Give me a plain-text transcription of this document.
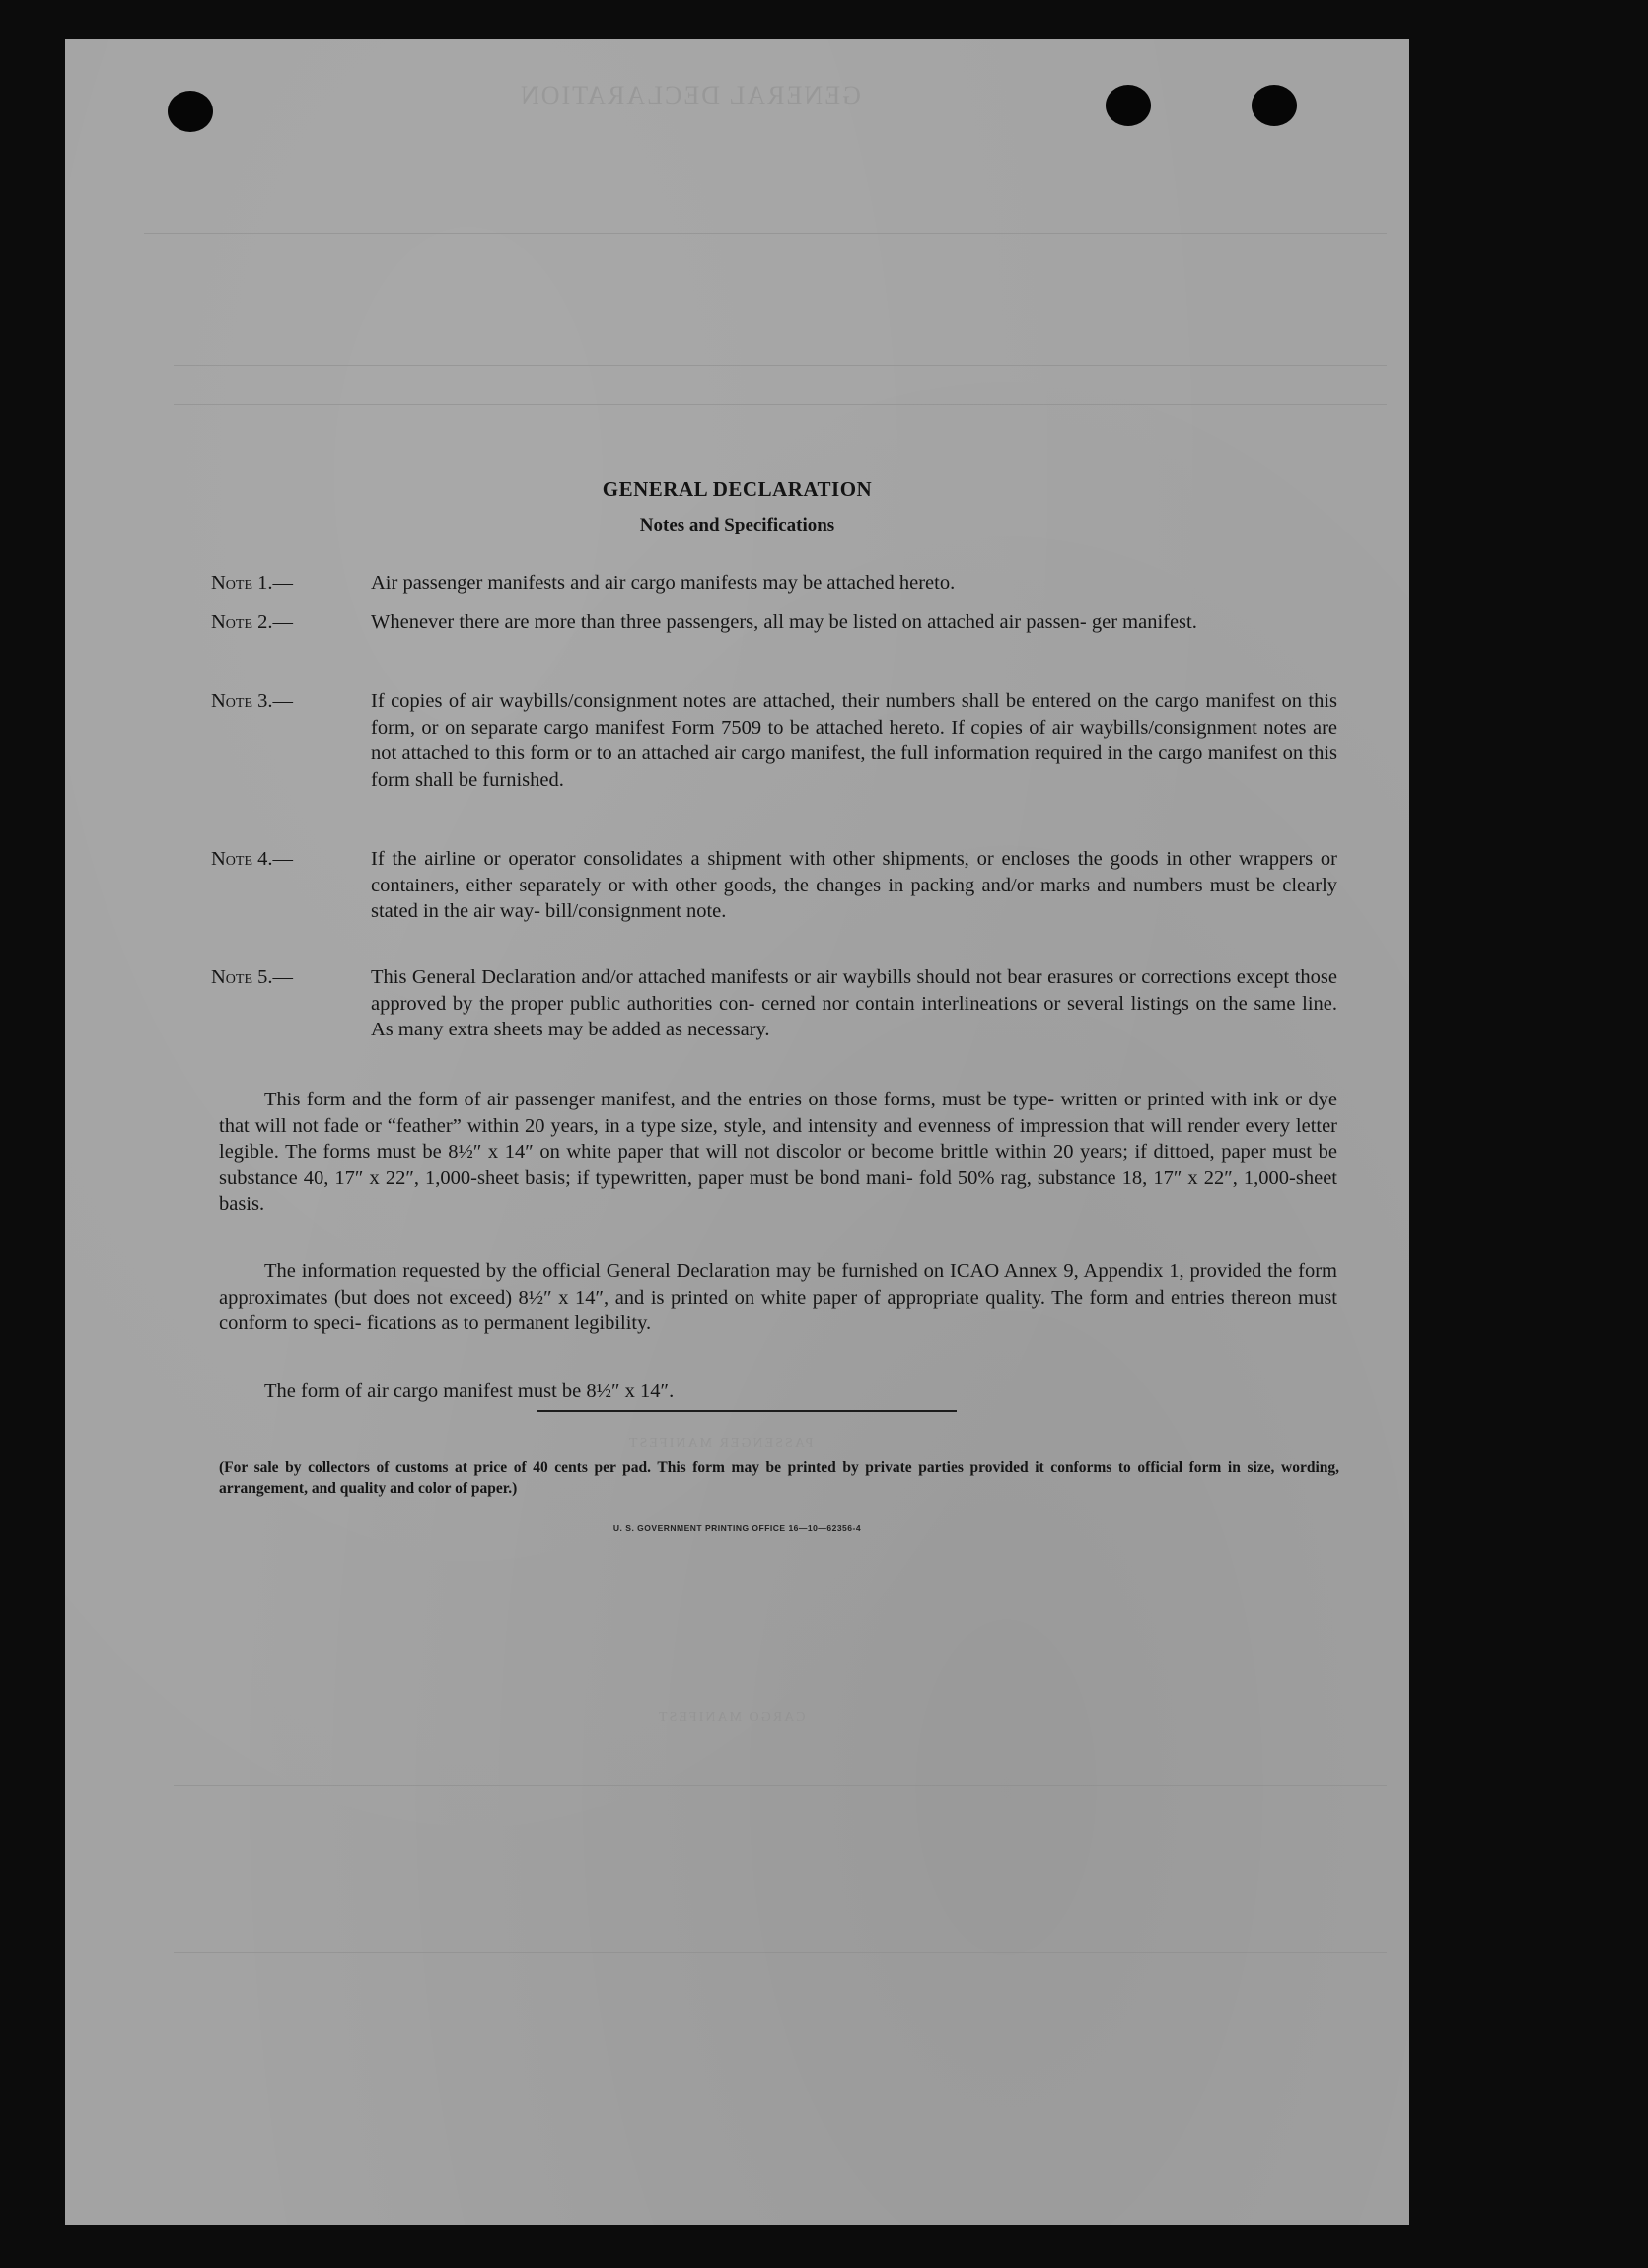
GENERAL DECLARATION
PASSENGER MANIFEST
CARGO MANIFEST
GENERAL DECLARATION
Notes and Specifications
Note 1.—	Air passenger manifests and air cargo manifests may be attached hereto.
Note 2.—	Whenever there are more than three passengers, all may be listed on attached air passen- ger manifest.
Note 3.—	If copies of air waybills/consignment notes are attached, their numbers shall be entered on the cargo manifest on this form, or on separate cargo manifest Form 7509 to be attached hereto. If copies of air waybills/consignment notes are not attached to this form or to an attached air cargo manifest, the full information required in the cargo manifest on this form shall be furnished.
Note 4.—	If the airline or operator consolidates a shipment with other shipments, or encloses the goods in other wrappers or containers, either separately or with other goods, the changes in packing and/or marks and numbers must be clearly stated in the air way- bill/consignment note.
Note 5.—	This General Declaration and/or attached manifests or air waybills should not bear erasures or corrections except those approved by the proper public authorities con- cerned nor contain interlineations or several listings on the same line. As many extra sheets may be added as necessary.
This form and the form of air passenger manifest, and the entries on those forms, must be type- written or printed with ink or dye that will not fade or “feather” within 20 years, in a type size, style, and intensity and evenness of impression that will render every letter legible. The forms must be 8½″ x 14″ on white paper that will not discolor or become brittle within 20 years; if dittoed, paper must be substance 40, 17″ x 22″, 1,000-sheet basis; if typewritten, paper must be bond mani- fold 50% rag, substance 18, 17″ x 22″, 1,000-sheet basis.
The information requested by the official General Declaration may be furnished on ICAO Annex 9, Appendix 1, provided the form approximates (but does not exceed) 8½″ x 14″, and is printed on white paper of appropriate quality. The form and entries thereon must conform to speci- fications as to permanent legibility.
The form of air cargo manifest must be 8½″ x 14″.
(For sale by collectors of customs at price of 40 cents per pad. This form may be printed by private parties provided it conforms to official form in size, wording, arrangement, and quality and color of paper.)
U. S. GOVERNMENT PRINTING OFFICE 16—10—62356-4
